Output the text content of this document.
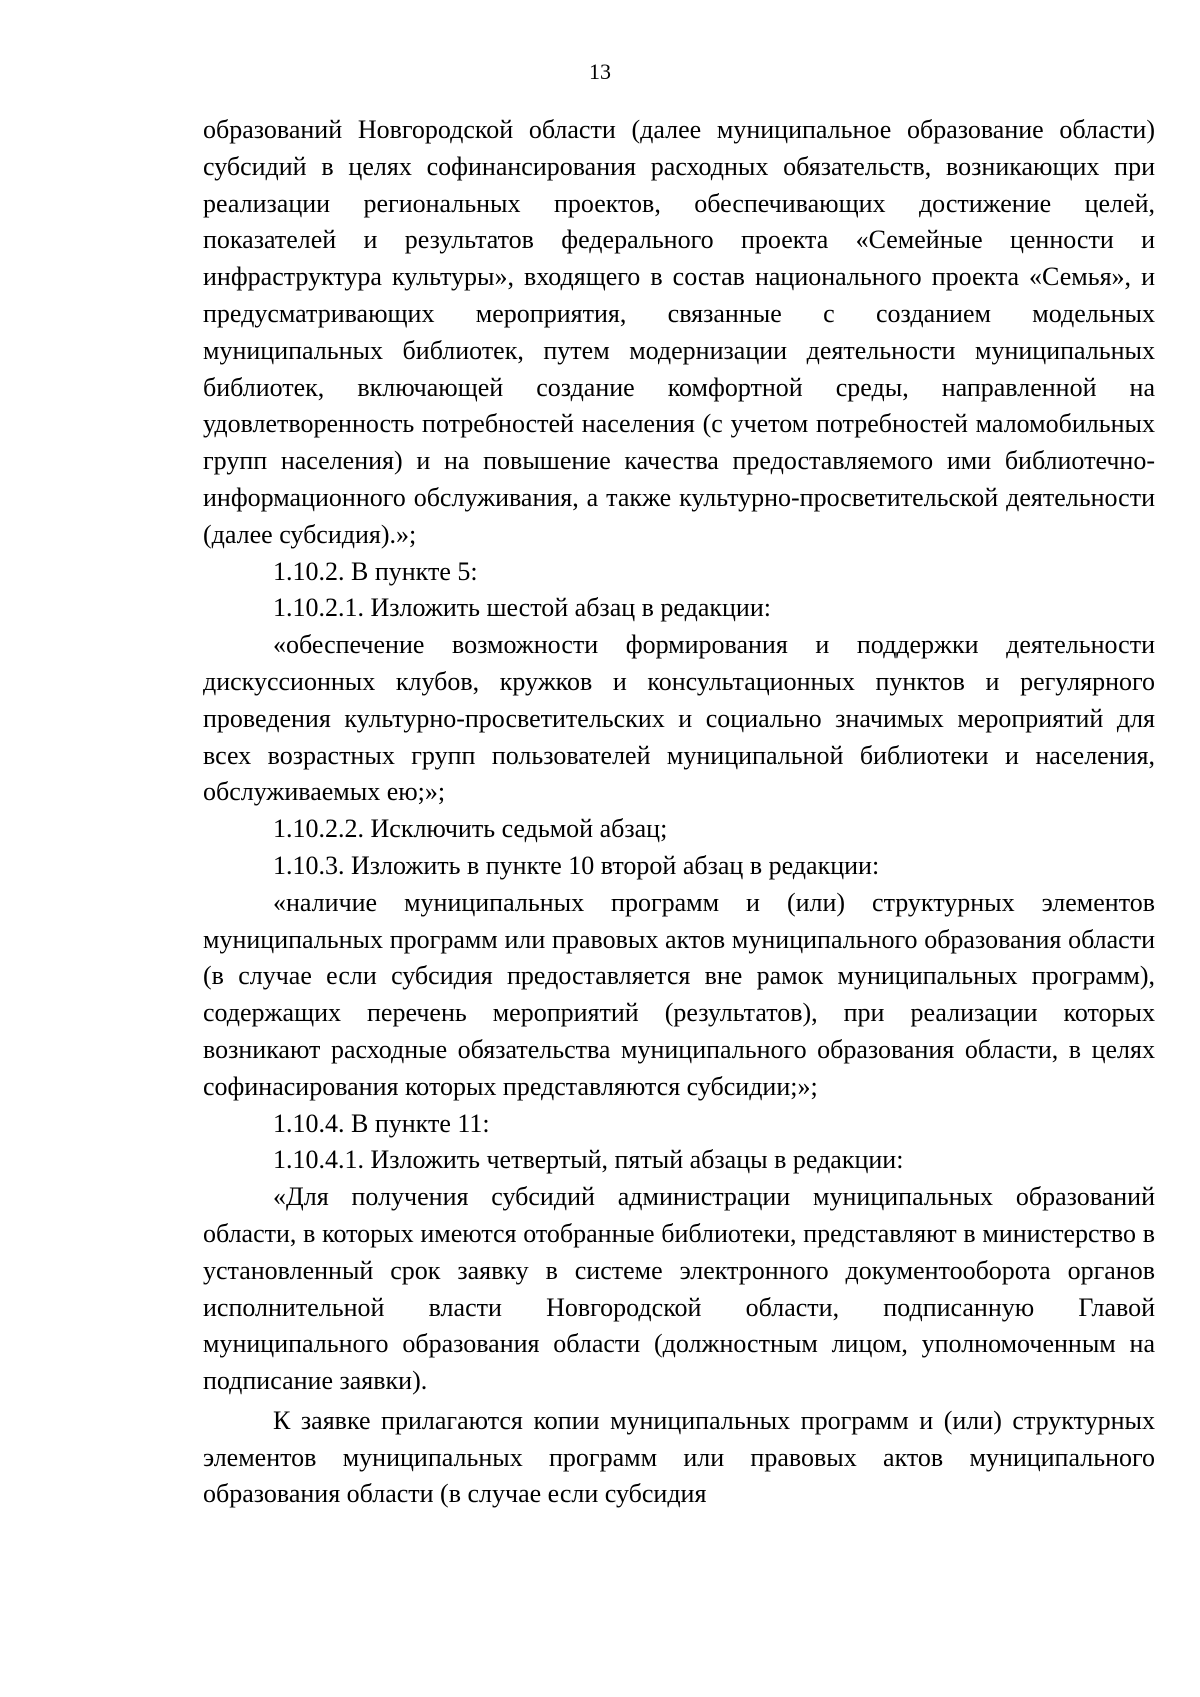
13

образований Новгородской области (далее муниципальное образование области) субсидий в целях софинансирования расходных обязательств, возникающих при реализации региональных проектов, обеспечивающих достижение целей, показателей и результатов федерального проекта «Семейные ценности и инфраструктура культуры», входящего в состав национального проекта «Семья», и предусматривающих мероприятия, связанные с созданием модельных муниципальных библиотек, путем модернизации деятельности муниципальных библиотек, включающей создание комфортной среды, направленной на удовлетворенность потребностей населения (с учетом потребностей маломобильных групп населения) и на повышение качества предоставляемого ими библиотечно-информационного обслуживания, а также культурно-просветительской деятельности (далее субсидия).»;

1.10.2. В пункте 5:

1.10.2.1. Изложить шестой абзац в редакции:

«обеспечение возможности формирования и поддержки деятельности дискуссионных клубов, кружков и консультационных пунктов и регулярного проведения культурно-просветительских и социально значимых мероприятий для всех возрастных групп пользователей муниципальной библиотеки и населения, обслуживаемых ею;»;

1.10.2.2. Исключить седьмой абзац;

1.10.3. Изложить в пункте 10 второй абзац в редакции:

«наличие муниципальных программ и (или) структурных элементов муниципальных программ или правовых актов муниципального образования области (в случае если субсидия предоставляется вне рамок муниципальных программ), содержащих перечень мероприятий (результатов), при реализации которых возникают расходные обязательства муниципального образования области, в целях софинасирования которых представляются субсидии;»;

1.10.4. В пункте 11:

1.10.4.1. Изложить четвертый, пятый абзацы в редакции:

«Для получения субсидий администрации муниципальных образований области, в которых имеются отобранные библиотеки, представляют в министерство в установленный срок заявку в системе электронного документооборота органов исполнительной власти Новгородской области, подписанную Главой муниципального образования области (должностным лицом, уполномоченным на подписание заявки).

К заявке прилагаются копии муниципальных программ и (или) структурных элементов муниципальных программ или правовых актов муниципального образования области (в случае если субсидия
